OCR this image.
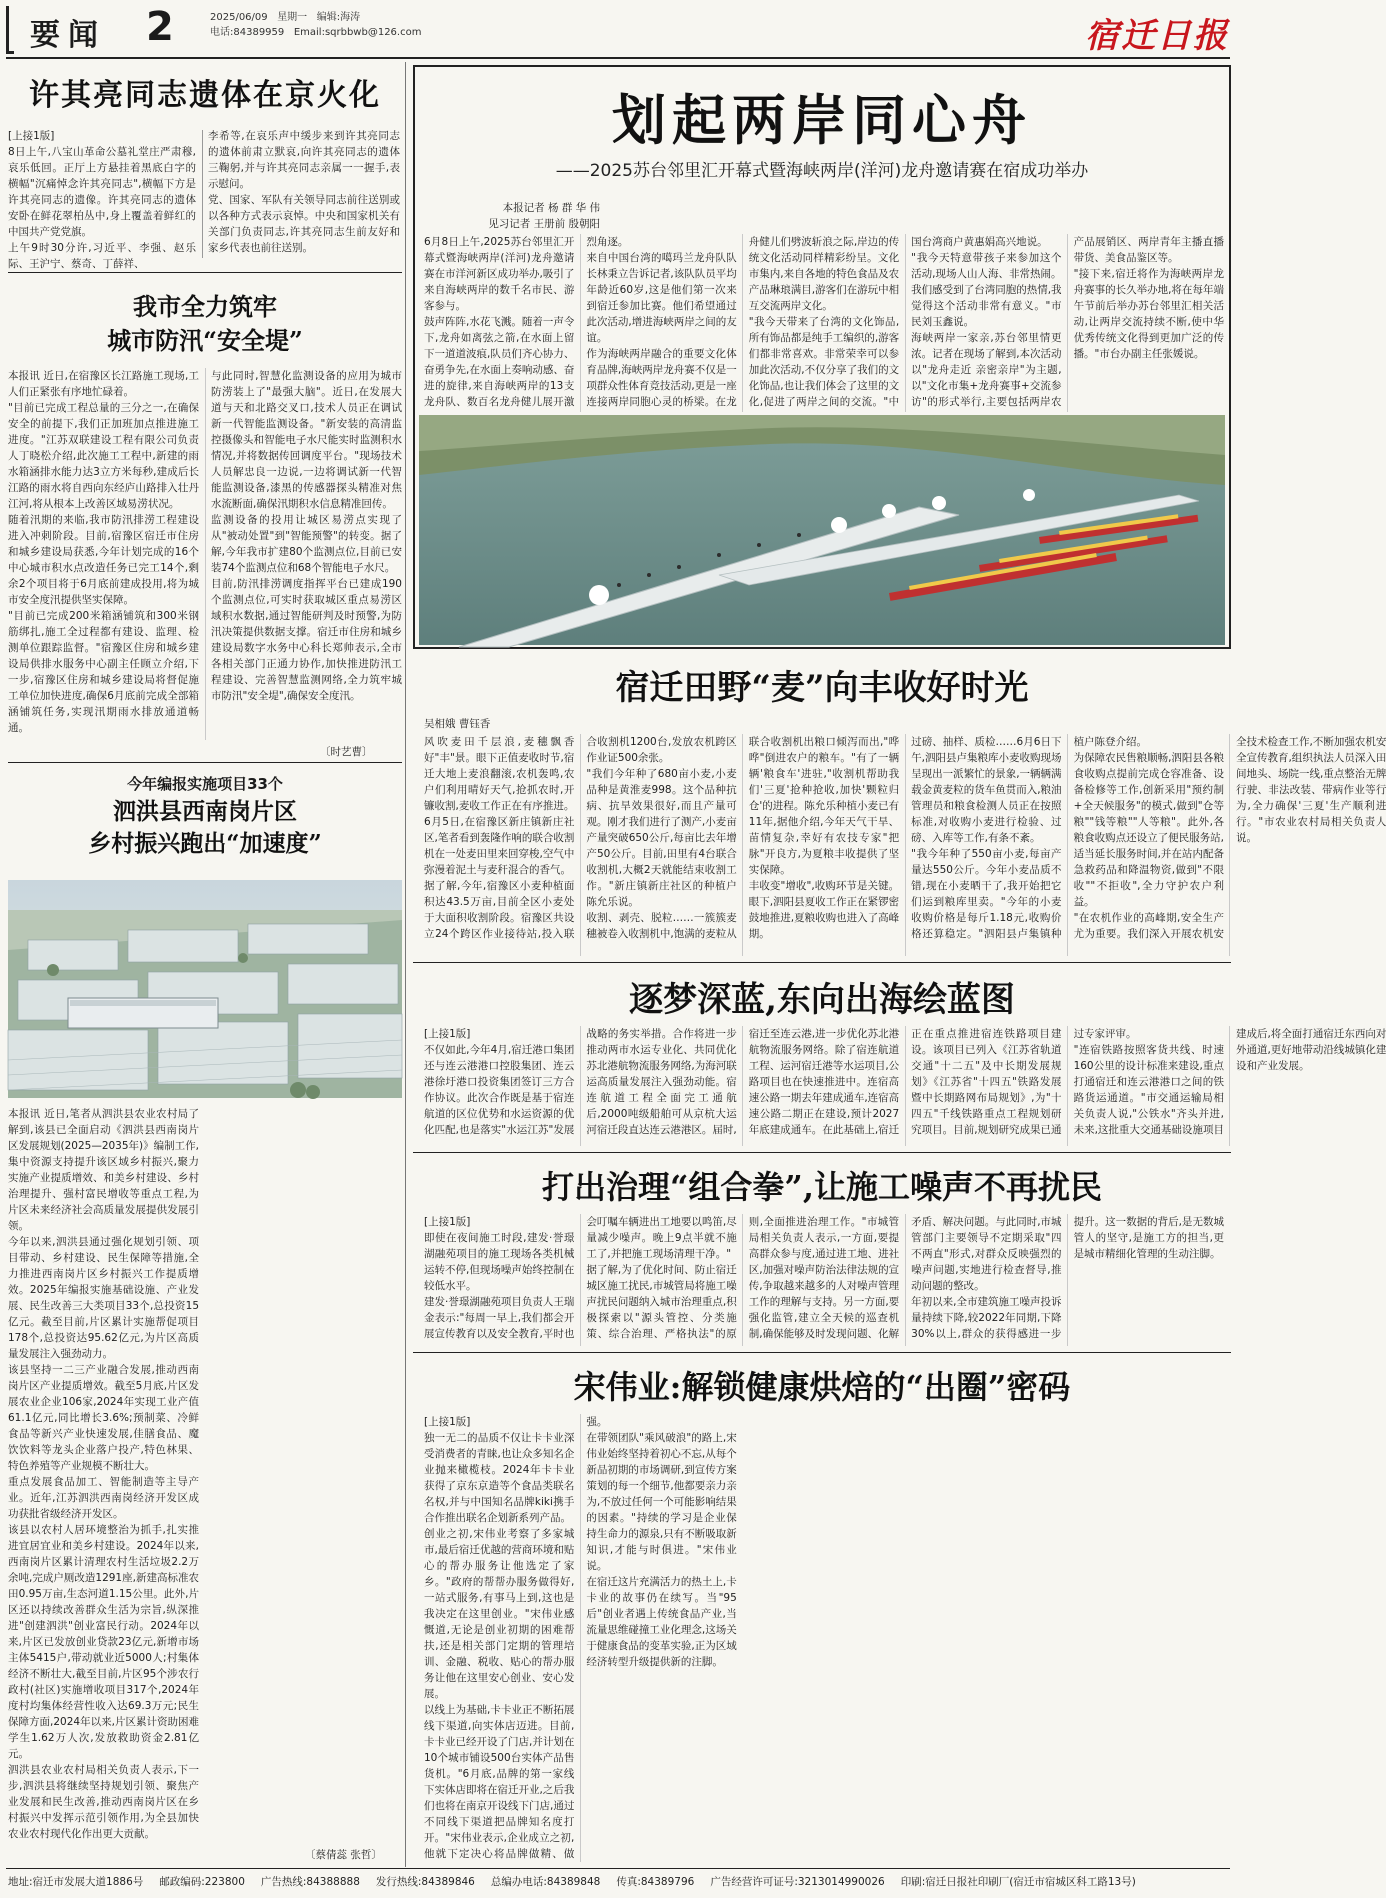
要闻 2	2025/06/09 星期一 编辑:海涛
电话:84389959 Email:sqrbbwb@126.com	宿迁日报
许其亮同志遗体在京火化
[上接1版]
8日上午,八宝山革命公墓礼堂庄严肃穆,哀乐低回。正厅上方悬挂着黑底白字的横幅"沉痛悼念许其亮同志",横幅下方是许其亮同志的遗像。许其亮同志的遗体安卧在鲜花翠柏丛中,身上覆盖着鲜红的中国共产党党旗。
上午9时30分许,习近平、李强、赵乐际、王沪宁、蔡奇、丁薛祥、
李希等,在哀乐声中缓步来到许其亮同志的遗体前肃立默哀,向许其亮同志的遗体三鞠躬,并与许其亮同志亲属一一握手,表示慰问。
党、国家、军队有关领导同志前往送别或以各种方式表示哀悼。中央和国家机关有关部门负责同志,许其亮同志生前友好和家乡代表也前往送别。
我市全力筑牢
城市防汛“安全堤”
本报讯 近日,在宿豫区长江路施工现场,工人们正紧张有序地忙碌着。
"目前已完成工程总量的三分之一,在确保安全的前提下,我们正加班加点推进施工进度。"江苏双联建设工程有限公司负责人丁晓松介绍,此次施工工程中,新建的雨水箱涵排水能力达3立方米每秒,建成后长江路的雨水将自西向东经庐山路排入壮丹江河,将从根本上改善区域易涝状况。
随着汛期的来临,我市防汛排涝工程建设进入冲刺阶段。目前,宿豫区宿迁市住房和城乡建设局获悉,今年计划完成的16个中心城市积水点改造任务已完工14个,剩余2个项目将于6月底前建成投用,将为城市安全度汛提供坚实保障。
"目前已完成200米箱涵铺筑和300米钢筋绑扎,施工全过程都有建设、监理、检测单位跟踪监督。"宿豫区住房和城乡建设局供排水服务中心副主任顾立介绍,下一步,宿豫区住房和城乡建设局将督促施工单位加快进度,确保6月底前完成全部箱涵铺筑任务,实现汛期雨水排放通道畅通。
与此同时,智慧化监测设备的应用为城市防涝装上了"最强大脑"。近日,在发展大道与天和北路交叉口,技术人员正在调试新一代智能监测设备。"新安装的高清监控摄像头和智能电子水尺能实时监测积水情况,并将数据传回调度平台。"现场技术人员解忠良一边说,一边将调试新一代智能监测设备,漆黑的传感器探头精准对焦水流断面,确保汛期积水信息精准回传。
监测设备的投用让城区易涝点实现了从"被动处置"到"智能预警"的转变。据了解,今年我市扩建80个监测点位,目前已安装74个监测点位和68个智能电子水尺。
目前,防汛排涝调度指挥平台已建成190个监测点位,可实时获取城区重点易涝区域积水数据,通过智能研判及时预警,为防汛决策提供数据支撑。宿迁市住房和城乡建设局数字水务中心科长郑帅表示,全市各相关部门正通力协作,加快推进防汛工程建设、完善智慧监测网络,全力筑牢城市防汛"安全堤",确保安全度汛。
〔时艺曹〕
今年编报实施项目33个
泗洪县西南岗片区
乡村振兴跑出“加速度”
本报讯 近日,笔者从泗洪县农业农村局了解到,该县已全面启动《泗洪县西南岗片区发展规划(2025—2035年)》编制工作,集中资源支持提升该区域乡村振兴,聚力实施产业提质增效、和美乡村建设、乡村治理提升、强村富民增收等重点工程,为片区未来经济社会高质量发展提供发展引领。
今年以来,泗洪县通过强化规划引领、项目带动、乡村建设、民生保障等措施,全力推进西南岗片区乡村振兴工作提质增效。2025年编报实施基础设施、产业发展、民生改善三大类项目33个,总投资15亿元。截至目前,片区累计实施帮促项目178个,总投资达95.62亿元,为片区高质量发展注入强劲动力。
该县坚持一二三产业融合发展,推动西南岗片区产业提质增效。截至5月底,片区发展农业企业106家,2024年实现工业产值61.1亿元,同比增长3.6%;预制菜、冷鲜食品等新兴产业快速发展,佳膳食品、魔饮饮料等龙头企业落户投产,特色林果、特色养殖等产业规模不断壮大。
重点发展食品加工、智能制造等主导产业。近年,江苏泗洪西南岗经济开发区成功获批省级经济开发区。
该县以农村人居环境整治为抓手,扎实推进宜居宜业和美乡村建设。2024年以来,西南岗片区累计清理农村生活垃圾2.2万余吨,完成户厕改造1291座,新建高标准农田0.95万亩,生态河道1.15公里。此外,片区还以持续改善群众生活为宗旨,纵深推进"创建泗洪"创业富民行动。2024年以来,片区已发放创业贷款23亿元,新增市场主体5415户,带动就业近5000人;村集体经济不断壮大,截至目前,片区95个涉农行政村(社区)实施增收项目317个,2024年度村均集体经营性收入达69.3万元;民生保障方面,2024年以来,片区累计资助困难学生1.62万人次,发放救助资金2.81亿元。
泗洪县农业农村局相关负责人表示,下一步,泗洪县将继续坚持规划引领、聚焦产业发展和民生改善,推动西南岗片区在乡村振兴中发挥示范引领作用,为全县加快农业农村现代化作出更大贡献。
〔蔡倩蕊 张哲〕
划起两岸同心舟
——2025苏台邻里汇开幕式暨海峡两岸(洋河)龙舟邀请赛在宿成功举办
本报记者 杨 群 华 伟
见习记者 王册前 殷朝阳
6月8日上午,2025苏台邻里汇开幕式暨海峡两岸(洋河)龙舟邀请赛在市洋河新区成功举办,吸引了来自海峡两岸的数千名市民、游客参与。
鼓声阵阵,水花飞溅。随着一声令下,龙舟如离弦之箭,在水面上留下一道道波痕,队员们齐心协力、奋勇争先,在水面上奏响动感、奋进的旋律,来自海峡两岸的13支龙舟队、数百名龙舟健儿展开激烈角逐。
来自中国台湾的噶玛兰龙舟队队长林秉立告诉记者,该队队员平均年龄近60岁,这是他们第一次来到宿迁参加比赛。他们希望通过此次活动,增进海峡两岸之间的友谊。
作为海峡两岸融合的重要文化体育品牌,海峡两岸龙舟赛不仅是一项群众性体育竞技活动,更是一座连接两岸同胞心灵的桥梁。在龙舟健儿们劈波斩浪之际,岸边的传统文化活动同样精彩纷呈。文化市集内,来自各地的特色食品及农产品琳琅满目,游客们在游玩中相互交流两岸文化。
"我今天带来了台湾的文化饰品,所有饰品都是纯手工编织的,游客们都非常喜欢。非常荣幸可以参加此次活动,不仅分享了我们的文化饰品,也让我们体会了这里的文化,促进了两岸之间的交流。"中国台湾商户黄惠娟高兴地说。
"我今天特意带孩子来参加这个活动,现场人山人海、非常热闹。我们感受到了台湾同胞的热情,我觉得这个活动非常有意义。"市民刘玉鑫说。
海峡两岸一家亲,苏台邻里情更浓。记者在现场了解到,本次活动以"龙舟走近 亲密亲岸"为主题,以"文化市集+龙舟赛事+交流参访"的形式举行,主要包括两岸农产品展销区、两岸青年主播直播带货、美食品鉴区等。
"接下来,宿迁将作为海峡两岸龙舟赛事的长久举办地,将在每年端午节前后举办苏台邻里汇相关活动,让两岸交流持续不断,使中华优秀传统文化得到更加广泛的传播。"市台办副主任张媛说。
宿迁田野“麦”向丰收好时光
吴相娥 曹钰香
风吹麦田千层浪,麦穗飘香好"丰"景。眼下正值麦收时节,宿迁大地上麦浪翻滚,农机轰鸣,农户们利用晴好天气,抢抓农时,开镰收割,麦收工作正在有序推进。
6月5日,在宿豫区新庄镇新庄社区,笔者看到轰隆作响的联合收割机在一处麦田里来回穿梭,空气中弥漫着泥土与麦秆混合的香气。
据了解,今年,宿豫区小麦种植面积达43.5万亩,目前全区小麦处于大面积收割阶段。宿豫区共设立24个跨区作业接待站,投入联合收割机1200台,发放农机跨区作业证500余张。
"我们今年种了680亩小麦,小麦品种是黄淮麦998。这个品种抗病、抗旱效果很好,而且产量可观。刚才我们进行了测产,小麦亩产量突破650公斤,每亩比去年增产50公斤。目前,田里有4台联合收割机,大概2天就能结束收割工作。"新庄镇新庄社区的种植户陈允乐说。
收割、剥壳、脱粒……一簇簇麦穗被卷入收割机中,饱满的麦粒从联合收割机出粮口倾泻而出,"哗哗"倒进农户的粮车。"有了一辆辆'粮食车'进驻,"收割机帮助我们'三夏'抢种抢收,加快'颗粒归仓'的进程。陈允乐种植小麦已有11年,据他介绍,今年天气干旱、苗情复杂,幸好有农技专家"把脉"开良方,为夏粮丰收提供了坚实保障。
丰收变"增收",收购环节是关键。眼下,泗阳县夏收工作正在紧锣密鼓地推进,夏粮收购也进入了高峰期。
过磅、抽样、质检……6月6日下午,泗阳县卢集粮库小麦收购现场呈现出一派繁忙的景象,一辆辆满载金黄麦粒的货车鱼贯而入,粮油管理员和粮食检测人员正在按照标准,对收购小麦进行检验、过磅、入库等工作,有条不紊。
"我今年种了550亩小麦,每亩产量达550公斤。今年小麦品质不错,现在小麦晒干了,我开始把它们运到粮库里卖。"今年的小麦收购价格是每斤1.18元,收购价格还算稳定。"泗阳县卢集镇种植户陈登介绍。
为保障农民售粮顺畅,泗阳县各粮食收购点提前完成仓容准备、设备检修等工作,创新采用"预约制+全天候服务"的模式,做到"仓等粮""钱等粮""人等粮"。此外,各粮食收购点还设立了便民服务站,适当延长服务时间,并在站内配备急救药品和降温物资,做到"不限收""不拒收",全力守护农户利益。
"在农机作业的高峰期,安全生产尤为重要。我们深入开展农机安全技术检查工作,不断加强农机安全宣传教育,组织执法人员深入田间地头、场院一线,重点整治无牌行驶、非法改装、带病作业等行为,全力确保'三夏'生产顺利进行。"市农业农村局相关负责人说。
逐梦深蓝,东向出海绘蓝图
[上接1版]
不仅如此,今年4月,宿迁港口集团还与连云港港口控股集团、连云港徐圩港口投资集团签订三方合作协议。此次合作既是基于宿连航道的区位优势和水运资源的优化匹配,也是落实"水运江苏"发展战略的务实举措。合作将进一步推动两市水运专业化、共同优化苏北港航物流服务网络,为海河联运高质量发展注入强劲动能。宿连航道工程全面完工通航后,2000吨级船舶可从京杭大运河宿迁段直达连云港港区。届时,宿迁至连云港,进一步优化苏北港航物流服务网络。除了宿连航道工程、运河宿迁港等水运项目,公路项目也在快速推进中。连宿高速公路一期去年建成通车,连宿高速公路二期正在建设,预计2027年底建成通车。在此基础上,宿迁正在重点推进宿连铁路项目建设。该项目已列入《江苏省轨道交通"十二五"及中长期发展规划》《江苏省"十四五"铁路发展暨中长期路网布局规划》,为"十四五"千线铁路重点工程规划研究项目。目前,规划研究成果已通过专家评审。
"连宿铁路按照客货共线、时速160公里的设计标准来建设,重点打通宿迁和连云港港口之间的铁路货运通道。"市交通运输局相关负责人说,"公铁水"齐头并进,未来,这批重大交通基础设施项目建成后,将全面打通宿迁东西向对外通道,更好地带动沿线城镇化建设和产业发展。
打出治理“组合拳”,让施工噪声不再扰民
[上接1版]
即使在夜间施工时段,建发·誉璟湖融苑项目的施工现场各类机械运转不停,但现场噪声始终控制在较低水平。
建发·誉璟湖融苑项目负责人王瑞金表示:"每周一早上,我们都会开展宣传教育以及安全教育,平时也会叮嘱车辆进出工地要以鸣笛,尽量减少噪声。晚上9点半就不施工了,并把施工现场清理干净。"
据了解,为了优化时间、防止宿迁城区施工扰民,市城管局将施工噪声扰民问题纳入城市治理重点,积极探索以"源头管控、分类施策、综合治理、严格执法"的原则,全面推进治理工作。"市城管局相关负责人表示,一方面,要提高群众参与度,通过进工地、进社区,加强对噪声防治法律法规的宣传,争取越来越多的人对噪声管理工作的理解与支持。另一方面,要强化监管,建立全天候的巡查机制,确保能够及时发现问题、化解矛盾、解决问题。与此同时,市城管部门主要领导不定期采取"四不两直"形式,对群众反映强烈的噪声问题,实地进行检查督导,推动问题的整改。
年初以来,全市建筑施工噪声投诉量持续下降,较2022年同期,下降30%以上,群众的获得感进一步提升。这一数据的背后,是无数城管人的坚守,是施工方的担当,更是城市精细化管理的生动注脚。
宋伟业:解锁健康烘焙的“出圈”密码
[上接1版]
独一无二的品质不仅让卡卡业深受消费者的青睐,也让众多知名企业抛来橄榄枝。2024年卡卡业获得了京东京造等个食品类联名名权,并与中国知名品牌kiki携手合作推出联名企划新系列产品。
创业之初,宋伟业考察了多家城市,最后宿迁优越的营商环境和贴心的帮办服务让他选定了家乡。"政府的帮帮办服务做得好,一站式服务,有事马上到,这也是我决定在这里创业。"宋伟业感慨道,无论是创业初期的困难帮扶,还是相关部门定期的管理培训、金融、税收、贴心的帮办服务让他在这里安心创业、安心发展。
以线上为基础,卡卡业正不断拓展线下渠道,向实体店迈进。目前,卡卡业已经开设了门店,并计划在10个城市铺设500台实体产品售货机。"6月底,品牌的第一家线下实体店即将在宿迁开业,之后我们也将在南京开设线下门店,通过不同线下渠道把品牌知名度打开。"宋伟业表示,企业成立之初,他就下定决心将品牌做精、做强。
在带领团队"乘风破浪"的路上,宋伟业始终坚持着初心不忘,从每个新品初期的市场调研,到宣传方案策划的每一个细节,他都要亲力亲为,不放过任何一个可能影响结果的因素。"持续的学习是企业保持生命力的源泉,只有不断吸取新知识,才能与时俱进。"宋伟业说。
在宿迁这片充满活力的热土上,卡卡业的故事仍在续写。当"95后"创业者遇上传统食品产业,当流量思维碰撞工业化理念,这场关于健康食品的变革实验,正为区域经济转型升级提供新的注脚。
地址:宿迁市发展大道1886号 邮政编码:223800 广告热线:84388888 发行热线:84389846 总编办电话:84389848 传真:84389796 广告经营许可证号:3213014990026 印刷:宿迁日报社印刷厂(宿迁市宿城区科工路13号)
